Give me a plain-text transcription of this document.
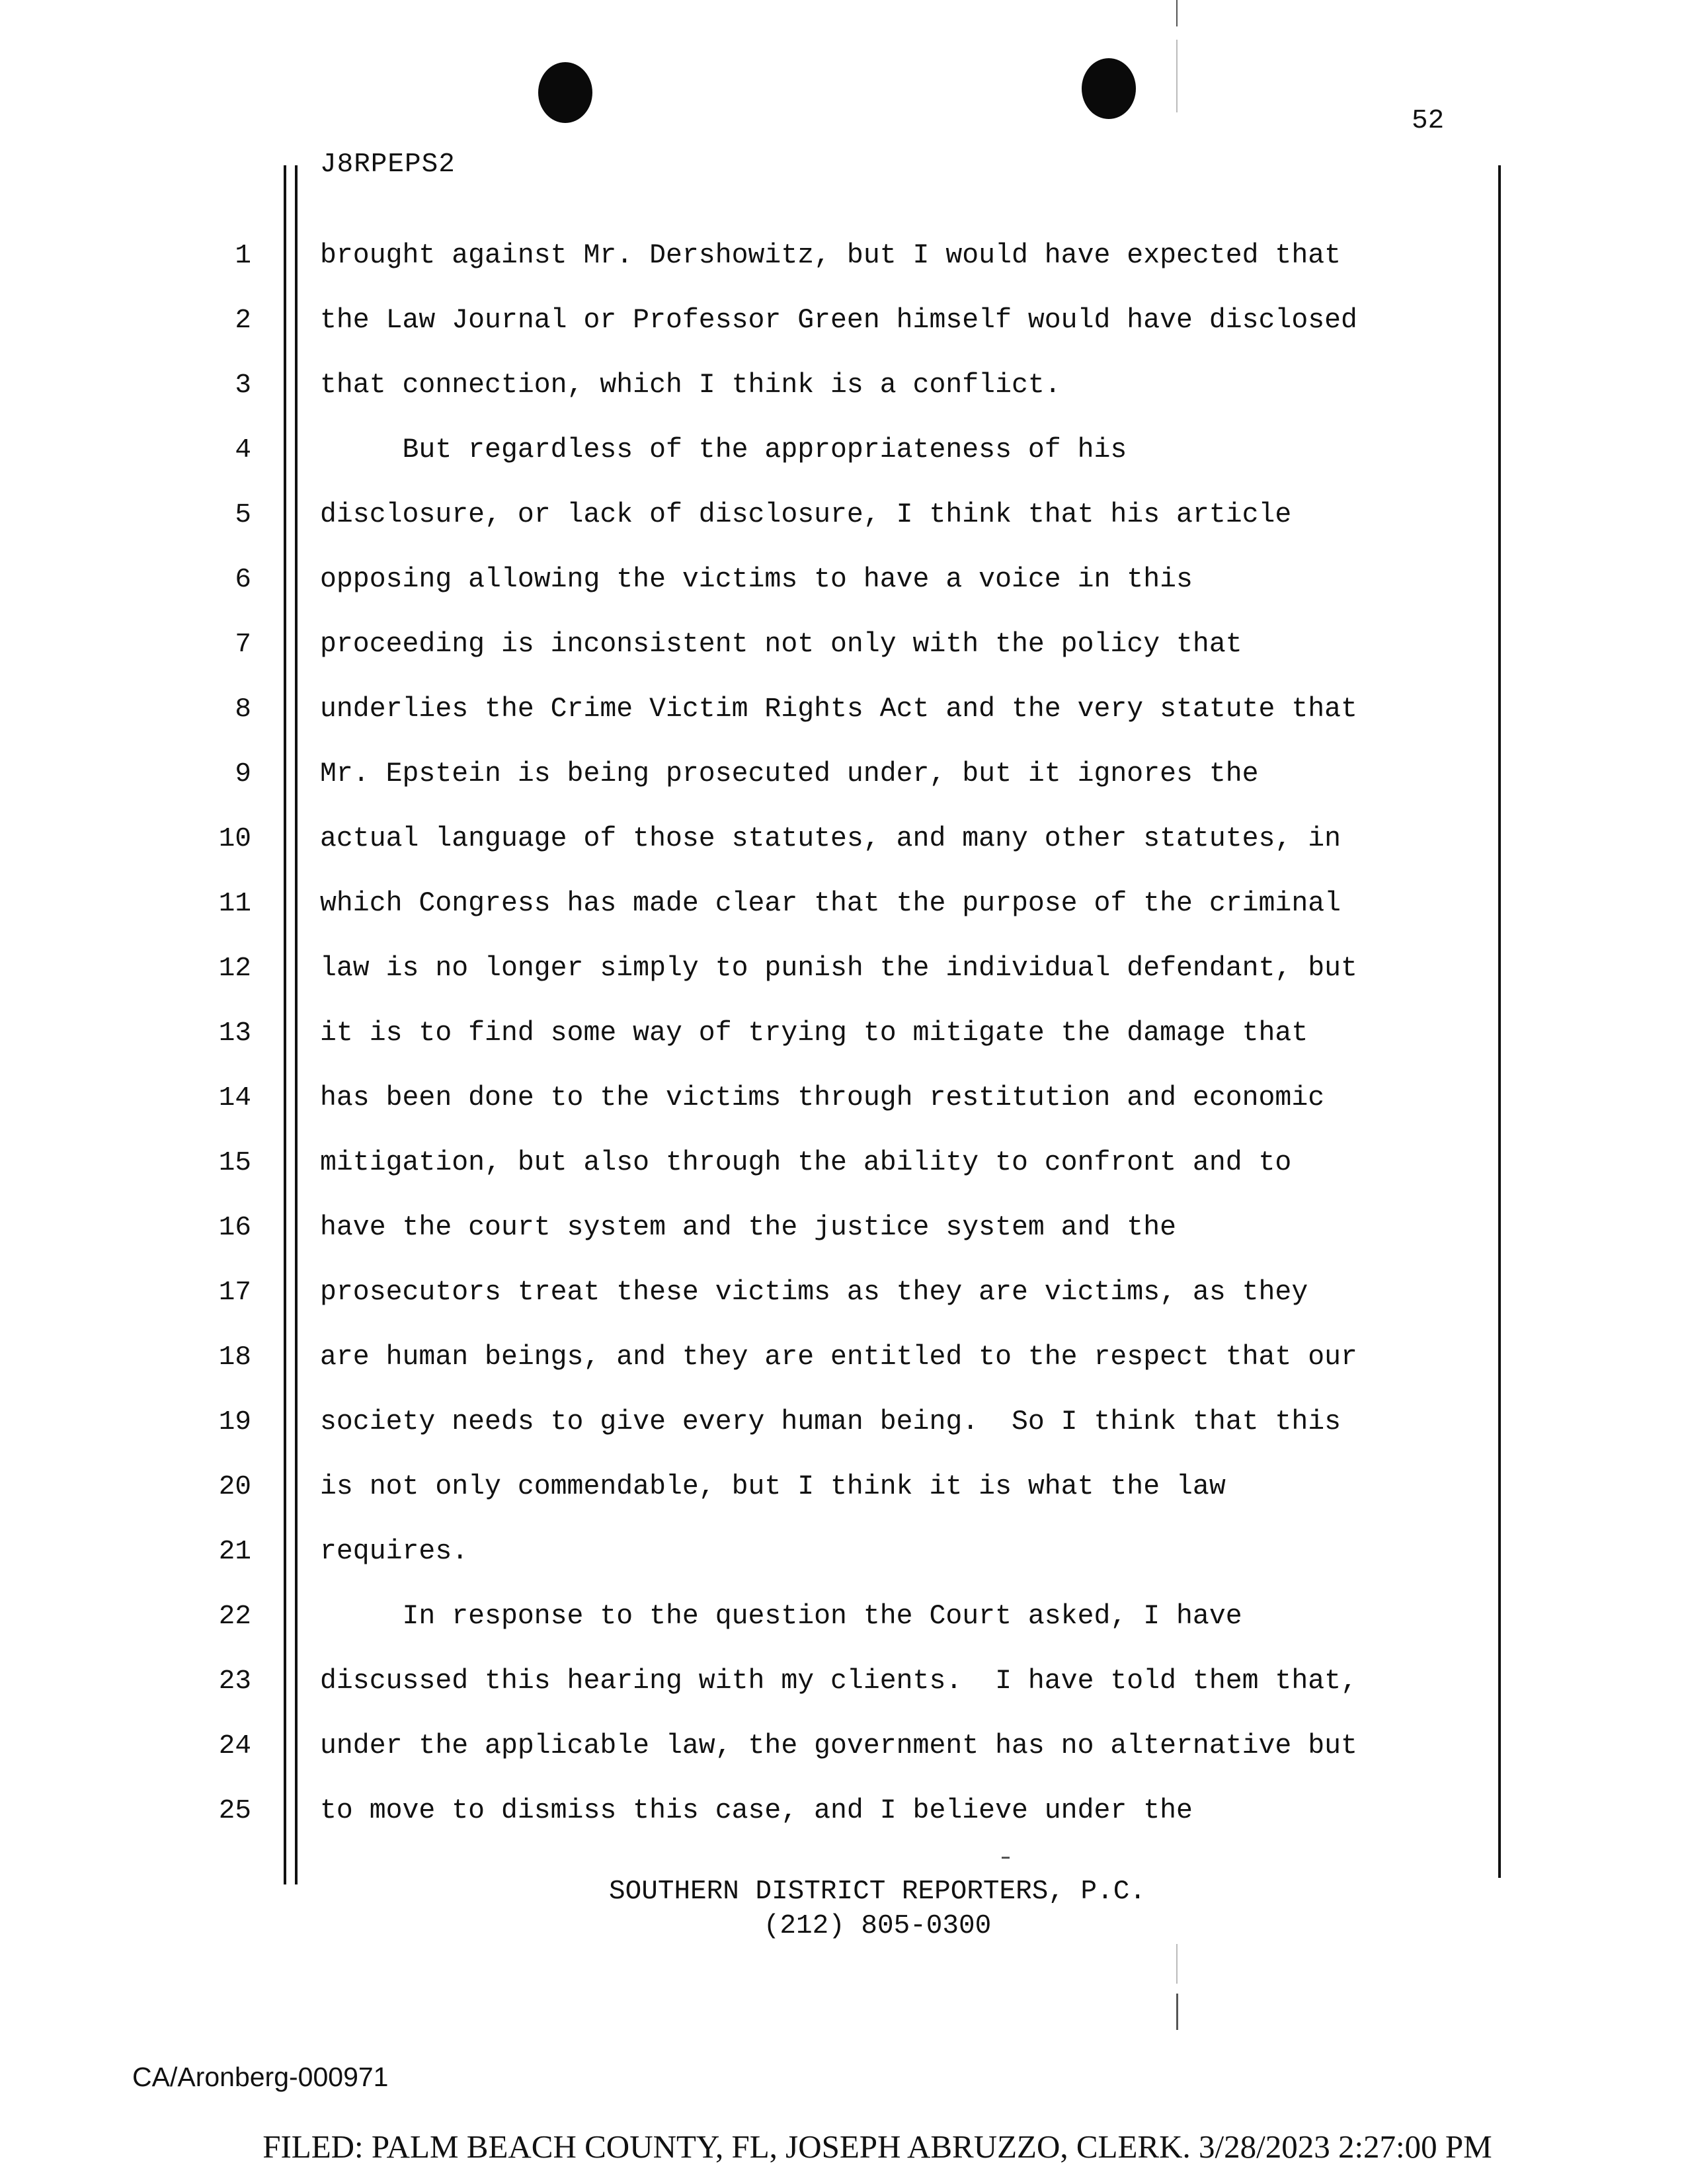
52
J8RPEPS2
1	brought against Mr. Dershowitz, but I would have expected that
2	the Law Journal or Professor Green himself would have disclosed
3	that connection, which I think is a conflict.
4	But regardless of the appropriateness of his
5	disclosure, or lack of disclosure, I think that his article
6	opposing allowing the victims to have a voice in this
7	proceeding is inconsistent not only with the policy that
8	underlies the Crime Victim Rights Act and the very statute that
9	Mr. Epstein is being prosecuted under, but it ignores the
10	actual language of those statutes, and many other statutes, in
11	which Congress has made clear that the purpose of the criminal
12	law is no longer simply to punish the individual defendant, but
13	it is to find some way of trying to mitigate the damage that
14	has been done to the victims through restitution and economic
15	mitigation, but also through the ability to confront and to
16	have the court system and the justice system and the
17	prosecutors treat these victims as they are victims, as they
18	are human beings, and they are entitled to the respect that our
19	society needs to give every human being.  So I think that this
20	is not only commendable, but I think it is what the law
21	requires.
22	In response to the question the Court asked, I have
23	discussed this hearing with my clients.  I have told them that,
24	under the applicable law, the government has no alternative but
25	to move to dismiss this case, and I believe under the
SOUTHERN DISTRICT REPORTERS, P.C.
(212) 805-0300
CA/Aronberg-000971
FILED: PALM BEACH COUNTY, FL, JOSEPH ABRUZZO, CLERK. 3/28/2023 2:27:00 PM
